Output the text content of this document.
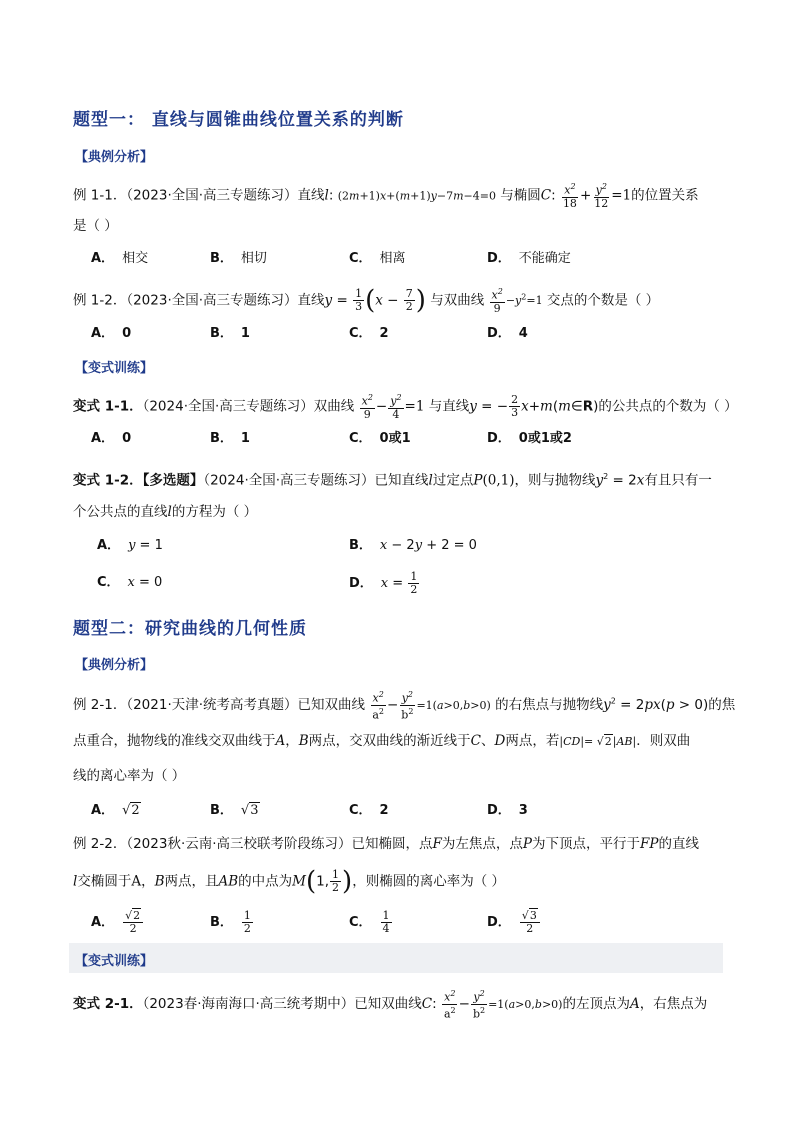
题型一： 直线与圆锥曲线位置关系的判断
【典例分析】
例 1-1．（2023·全国·高三专题练习）直线l: (2m+1)x+(m+1)y−7m−4=0 与椭圆C: $\frac{x^2}{18} + \frac{y^2}{12} =1$的位置关系
是（ ）
A． 相交	B． 相切	C． 相离	D． 不能确定
例 1-2．（2023·全国·高三专题练习）直线$y = \frac{1}{3} (x - \frac{7}{2}$ ) 与双曲线 $\frac{x^2}{9} -y^2=1$ 交点的个数是（ ）
A． 0	B． 1	C． 2	D． 4
【变式训练】
变式 1-1．（2024·全国·高三专题练习）双曲线 $\frac{x^2}{9} - \frac{y^2}{4} =1$ 与直线y = − $\frac{2}{3}$ x+m(m∈R)的公共点的个数为（ ）
A． 0	B． 1	C． 0或1	D． 0或1或2
变式 1-2．【多选题】（2024·全国·高三专题练习）已知直线l过定点P(0,1)，则与抛物线$y^2 = 2x$有且只有一
个公共点的直线l的方程为（ ）
A． y = 1	B． x − 2y + 2 = 0
C． x = 0	D． $x = \frac{1}{2}$
题型二：研究曲线的几何性质
【典例分析】
例 2-1．（2021·天津·统考高考真题）已知双曲线 $\frac{x^2}{a^2} - \frac{y^2}{b^2} =1(a>0,b>0)$ 的右焦点与抛物线$y^2 = 2px(p > 0)$的焦
点重合，抛物线的准线交双曲线于A，B两点，交双曲线的渐近线于C、D两点，若|CD|= √2|AB|．则双曲
线的离心率为（ ）
A． √2	B． √3	C． 2	D． 3
例 2-2．（2023秋·云南·高三校联考阶段练习）已知椭圆，点F为左焦点，点P为下顶点，平行于FP的直线
l交椭圆于A，B两点，且AB的中点为M(1, $\frac{1}{2}$ )，则椭圆的离心率为（ ）
A． $\frac{√2}{2}$	B． $\frac{1}{2}$	C． $\frac{1}{4}$	D． $\frac{√3}{2}$
【变式训练】
变式 2-1．（2023春·海南海口·高三统考期中）已知双曲线C: $\frac{x^2}{a^2} - \frac{y^2}{b^2} =1(a>0,b>0)$的左顶点为A，右焦点为
